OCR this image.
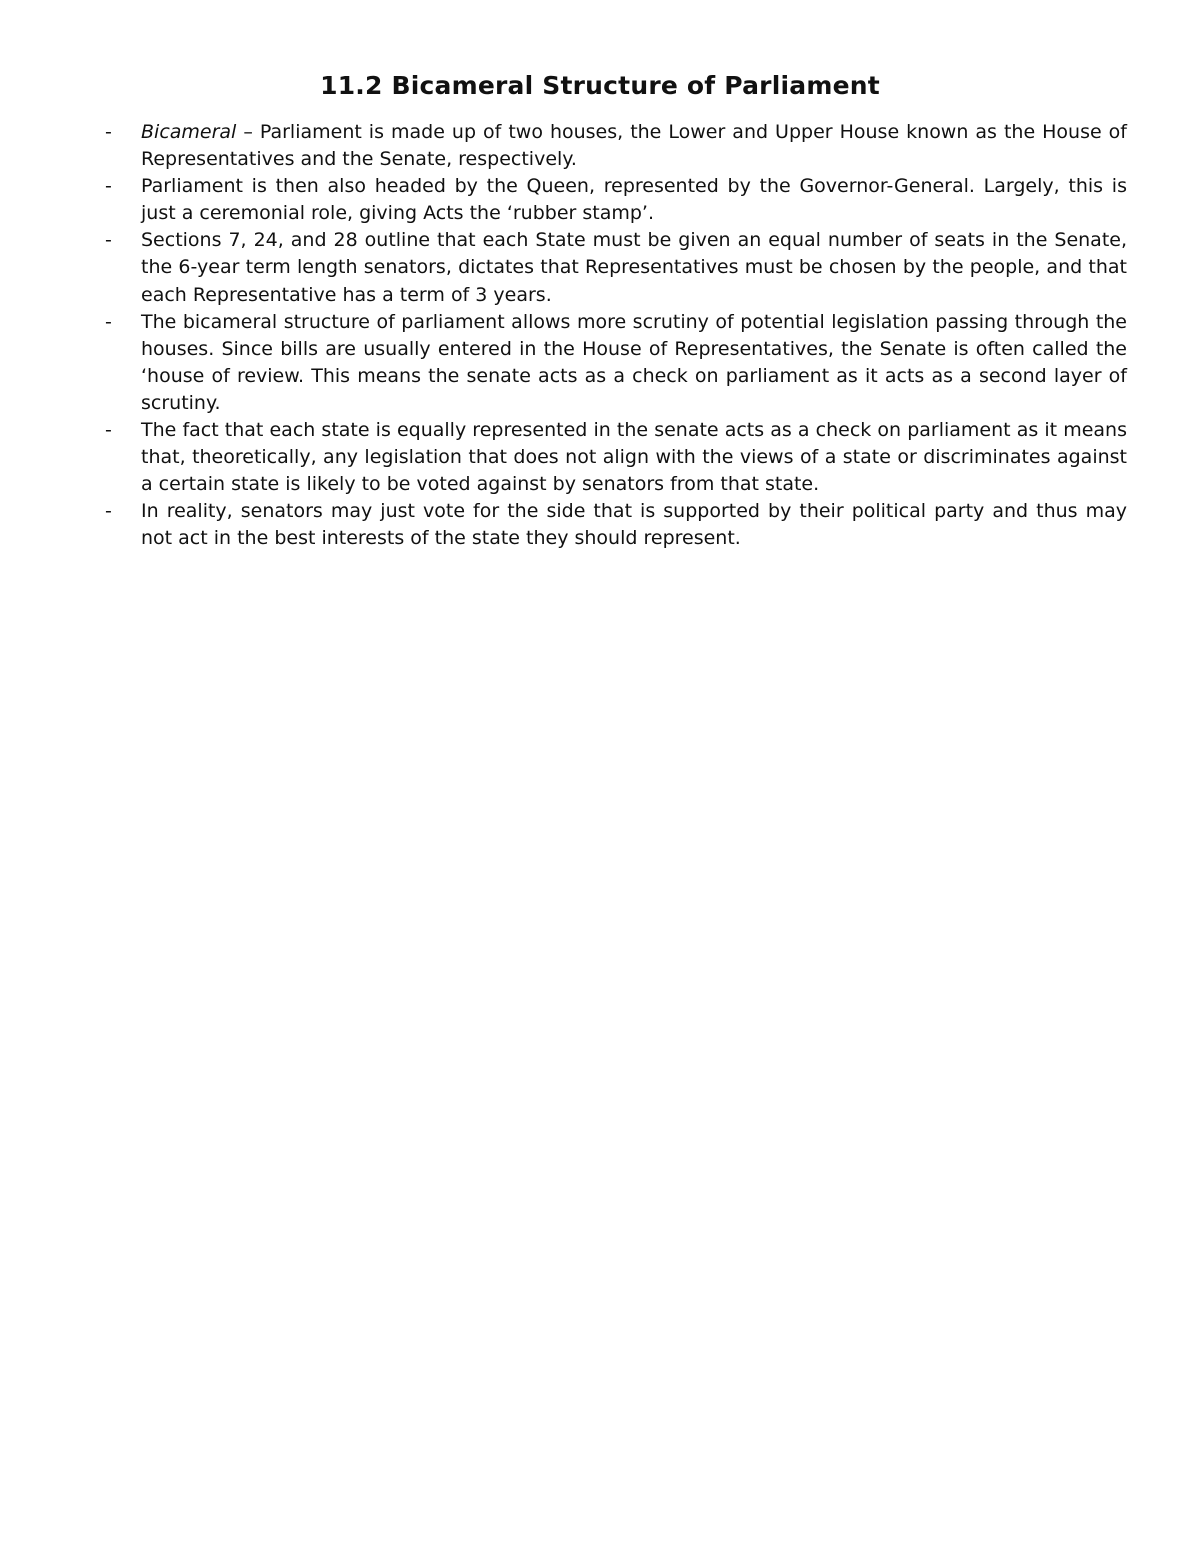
11.2 Bicameral Structure of Parliament
- Bicameral – Parliament is made up of two houses, the Lower and Upper House known as the House of Representatives and the Senate, respectively.
- Parliament is then also headed by the Queen, represented by the Governor-General. Largely, this is just a ceremonial role, giving Acts the ‘rubber stamp’.
- Sections 7, 24, and 28 outline that each State must be given an equal number of seats in the Senate, the 6-year term length senators, dictates that Representatives must be chosen by the people, and that each Representative has a term of 3 years.
- The bicameral structure of parliament allows more scrutiny of potential legislation passing through the houses. Since bills are usually entered in the House of Representatives, the Senate is often called the ‘house of review. This means the senate acts as a check on parliament as it acts as a second layer of scrutiny.
- The fact that each state is equally represented in the senate acts as a check on parliament as it means that, theoretically, any legislation that does not align with the views of a state or discriminates against a certain state is likely to be voted against by senators from that state.
- In reality, senators may just vote for the side that is supported by their political party and thus may not act in the best interests of the state they should represent.
